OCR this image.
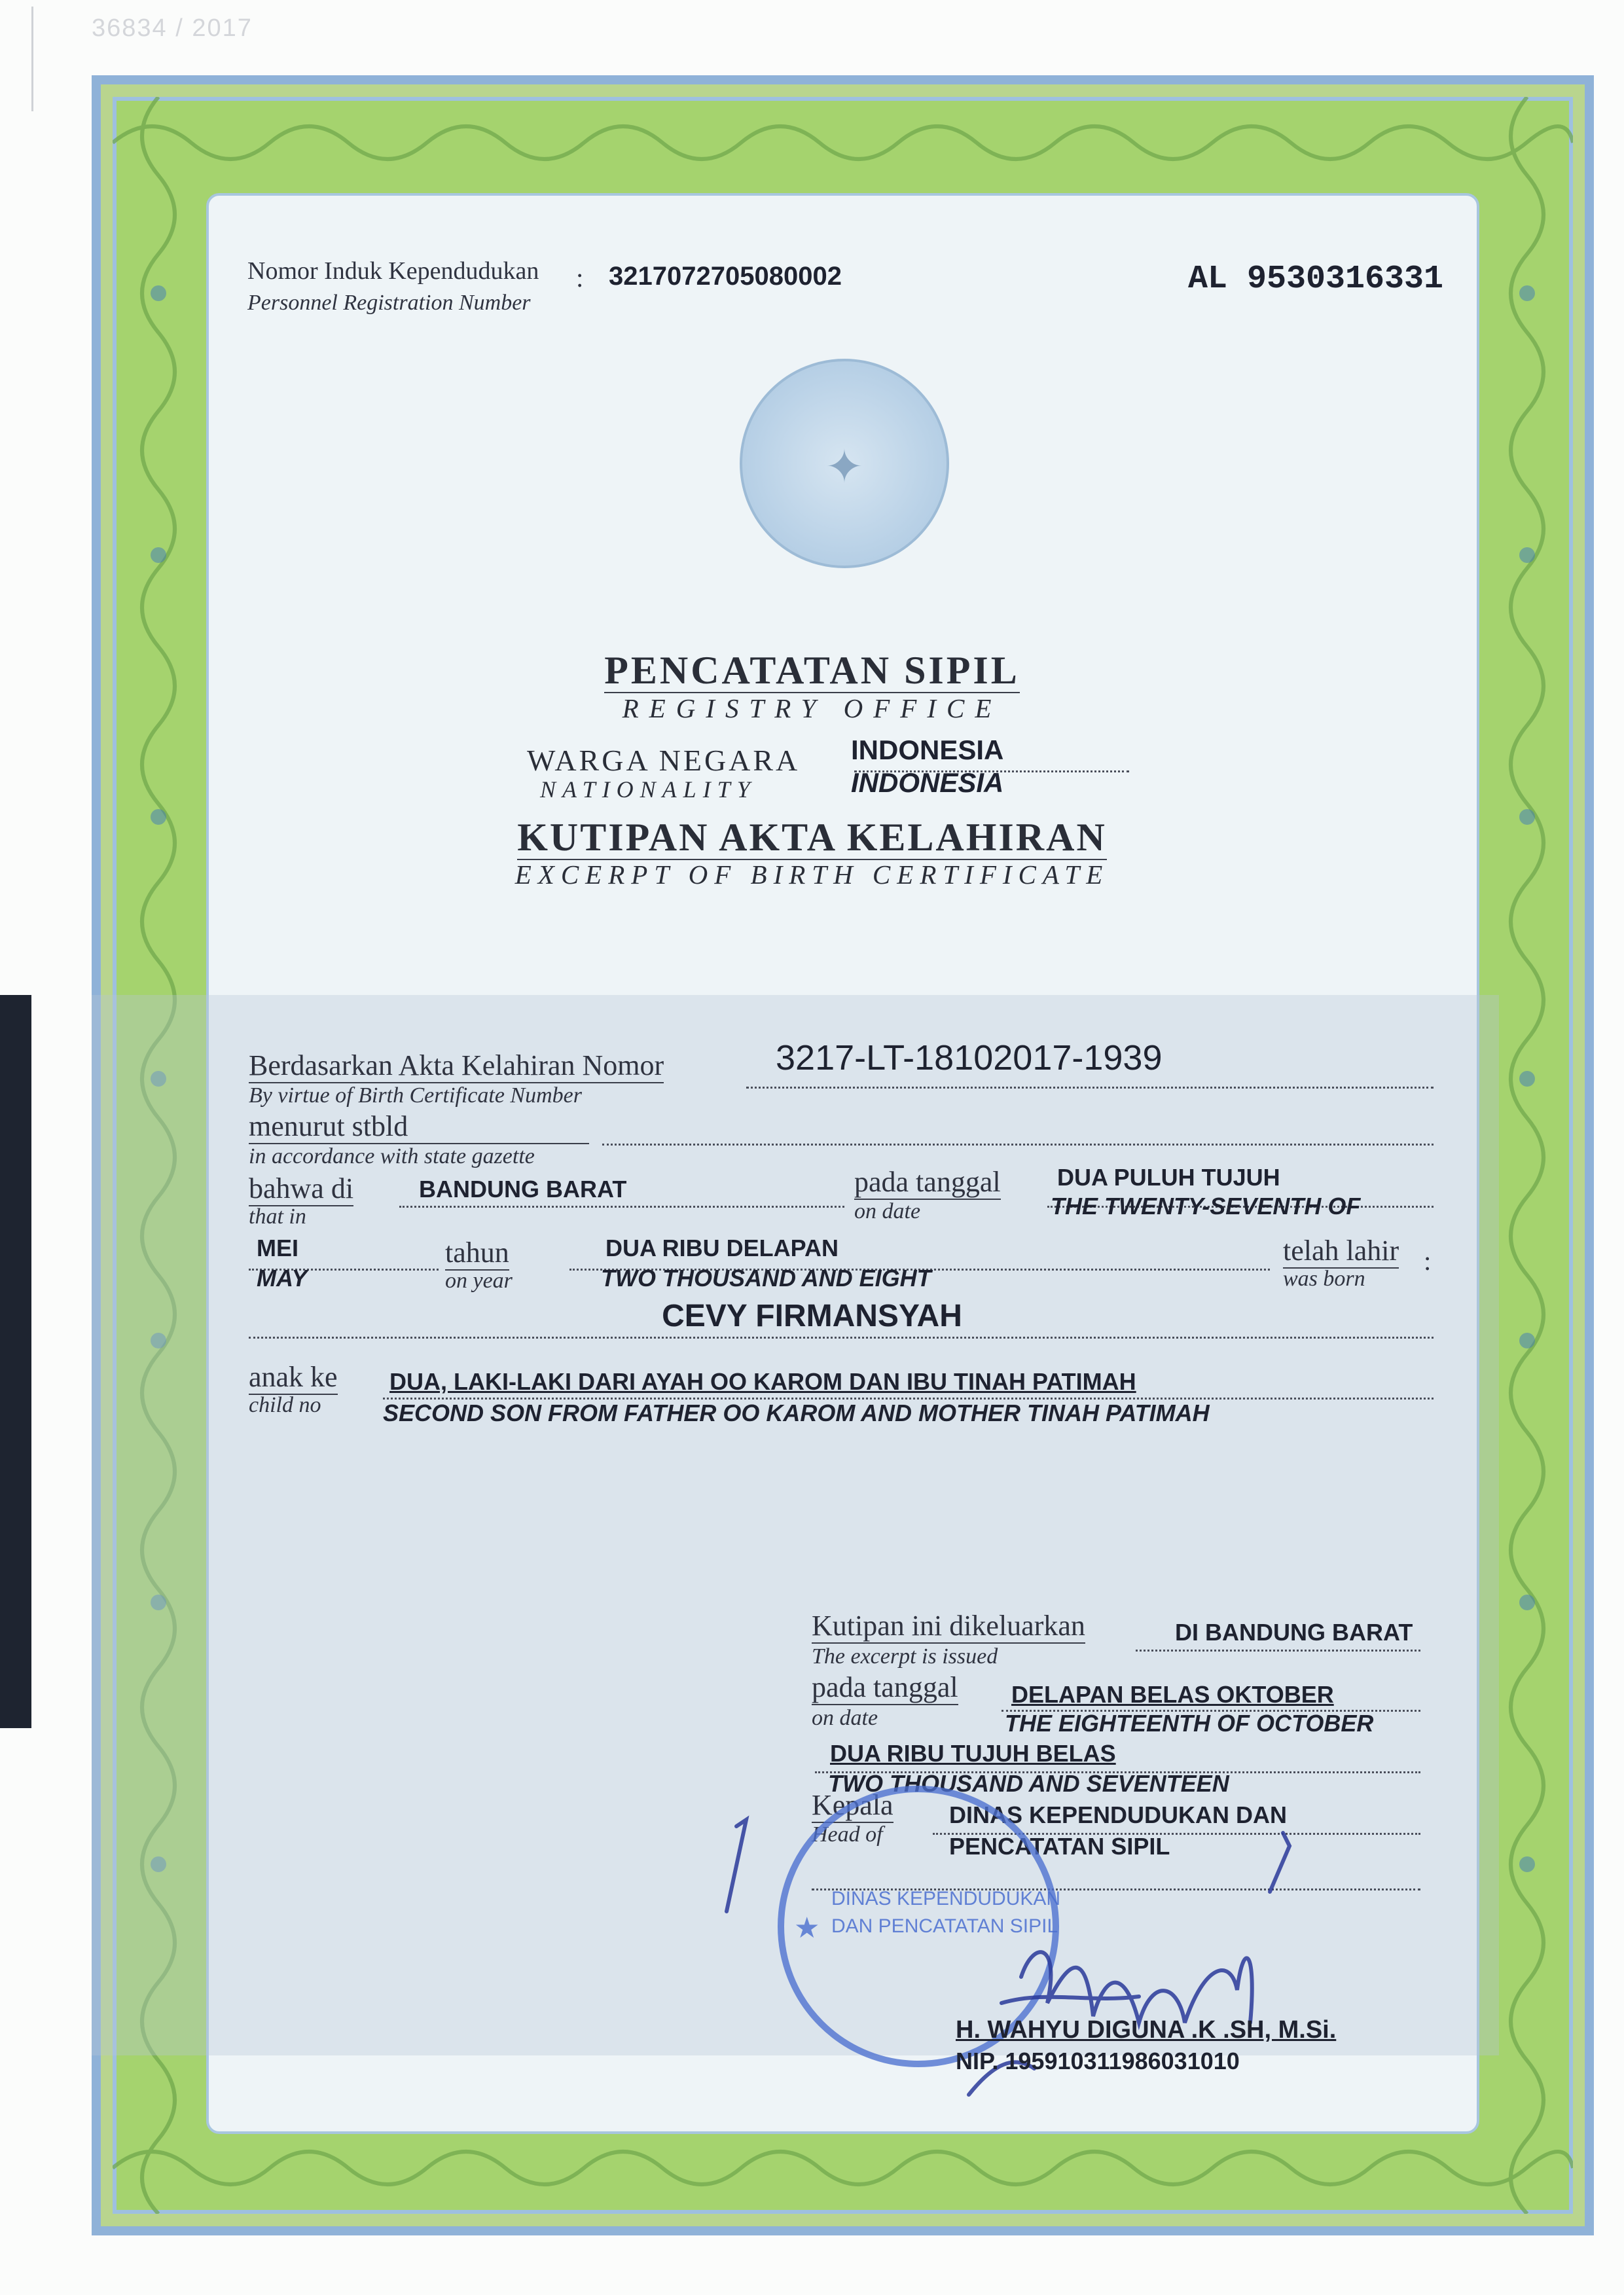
36834 / 2017
Nomor Induk Kependudukan
Personnel Registration Number
: 3217072705080002	AL 9530316331
✦
PENCATATAN SIPIL
REGISTRY OFFICE
WARGA NEGARA
NATIONALITY
INDONESIA
INDONESIA
KUTIPAN AKTA KELAHIRAN
EXCERPT OF BIRTH CERTIFICATE
Berdasarkan Akta Kelahiran Nomor
By virtue of Birth Certificate Number
3217-LT-18102017-1939
menurut stbld
in accordance with state gazette
bahwa di
that in
BANDUNG BARAT	pada tanggal
on date
DUA PULUH TUJUH
THE TWENTY-SEVENTH OF
MEI
MAY
tahun
on year
DUA RIBU DELAPAN
TWO THOUSAND AND EIGHT
telah lahir
was born
:
CEVY FIRMANSYAH
anak ke
child no
DUA, LAKI-LAKI DARI AYAH OO KAROM DAN IBU TINAH PATIMAH
SECOND SON FROM FATHER OO KAROM AND MOTHER TINAH PATIMAH
Kutipan ini dikeluarkan
The excerpt is issued
DI BANDUNG BARAT
pada tanggal
on date
DELAPAN BELAS OKTOBER
THE EIGHTEENTH OF OCTOBER
DUA RIBU TUJUH BELAS
TWO THOUSAND AND SEVENTEEN
Kepala
Head of
DINAS KEPENDUDUKAN DAN
PENCATATAN SIPIL
DINAS KEPENDUDUKAN
DAN PENCATATAN SIPIL
★
H. WAHYU DIGUNA .K .SH, M.Si.
NIP. 195910311986031010
